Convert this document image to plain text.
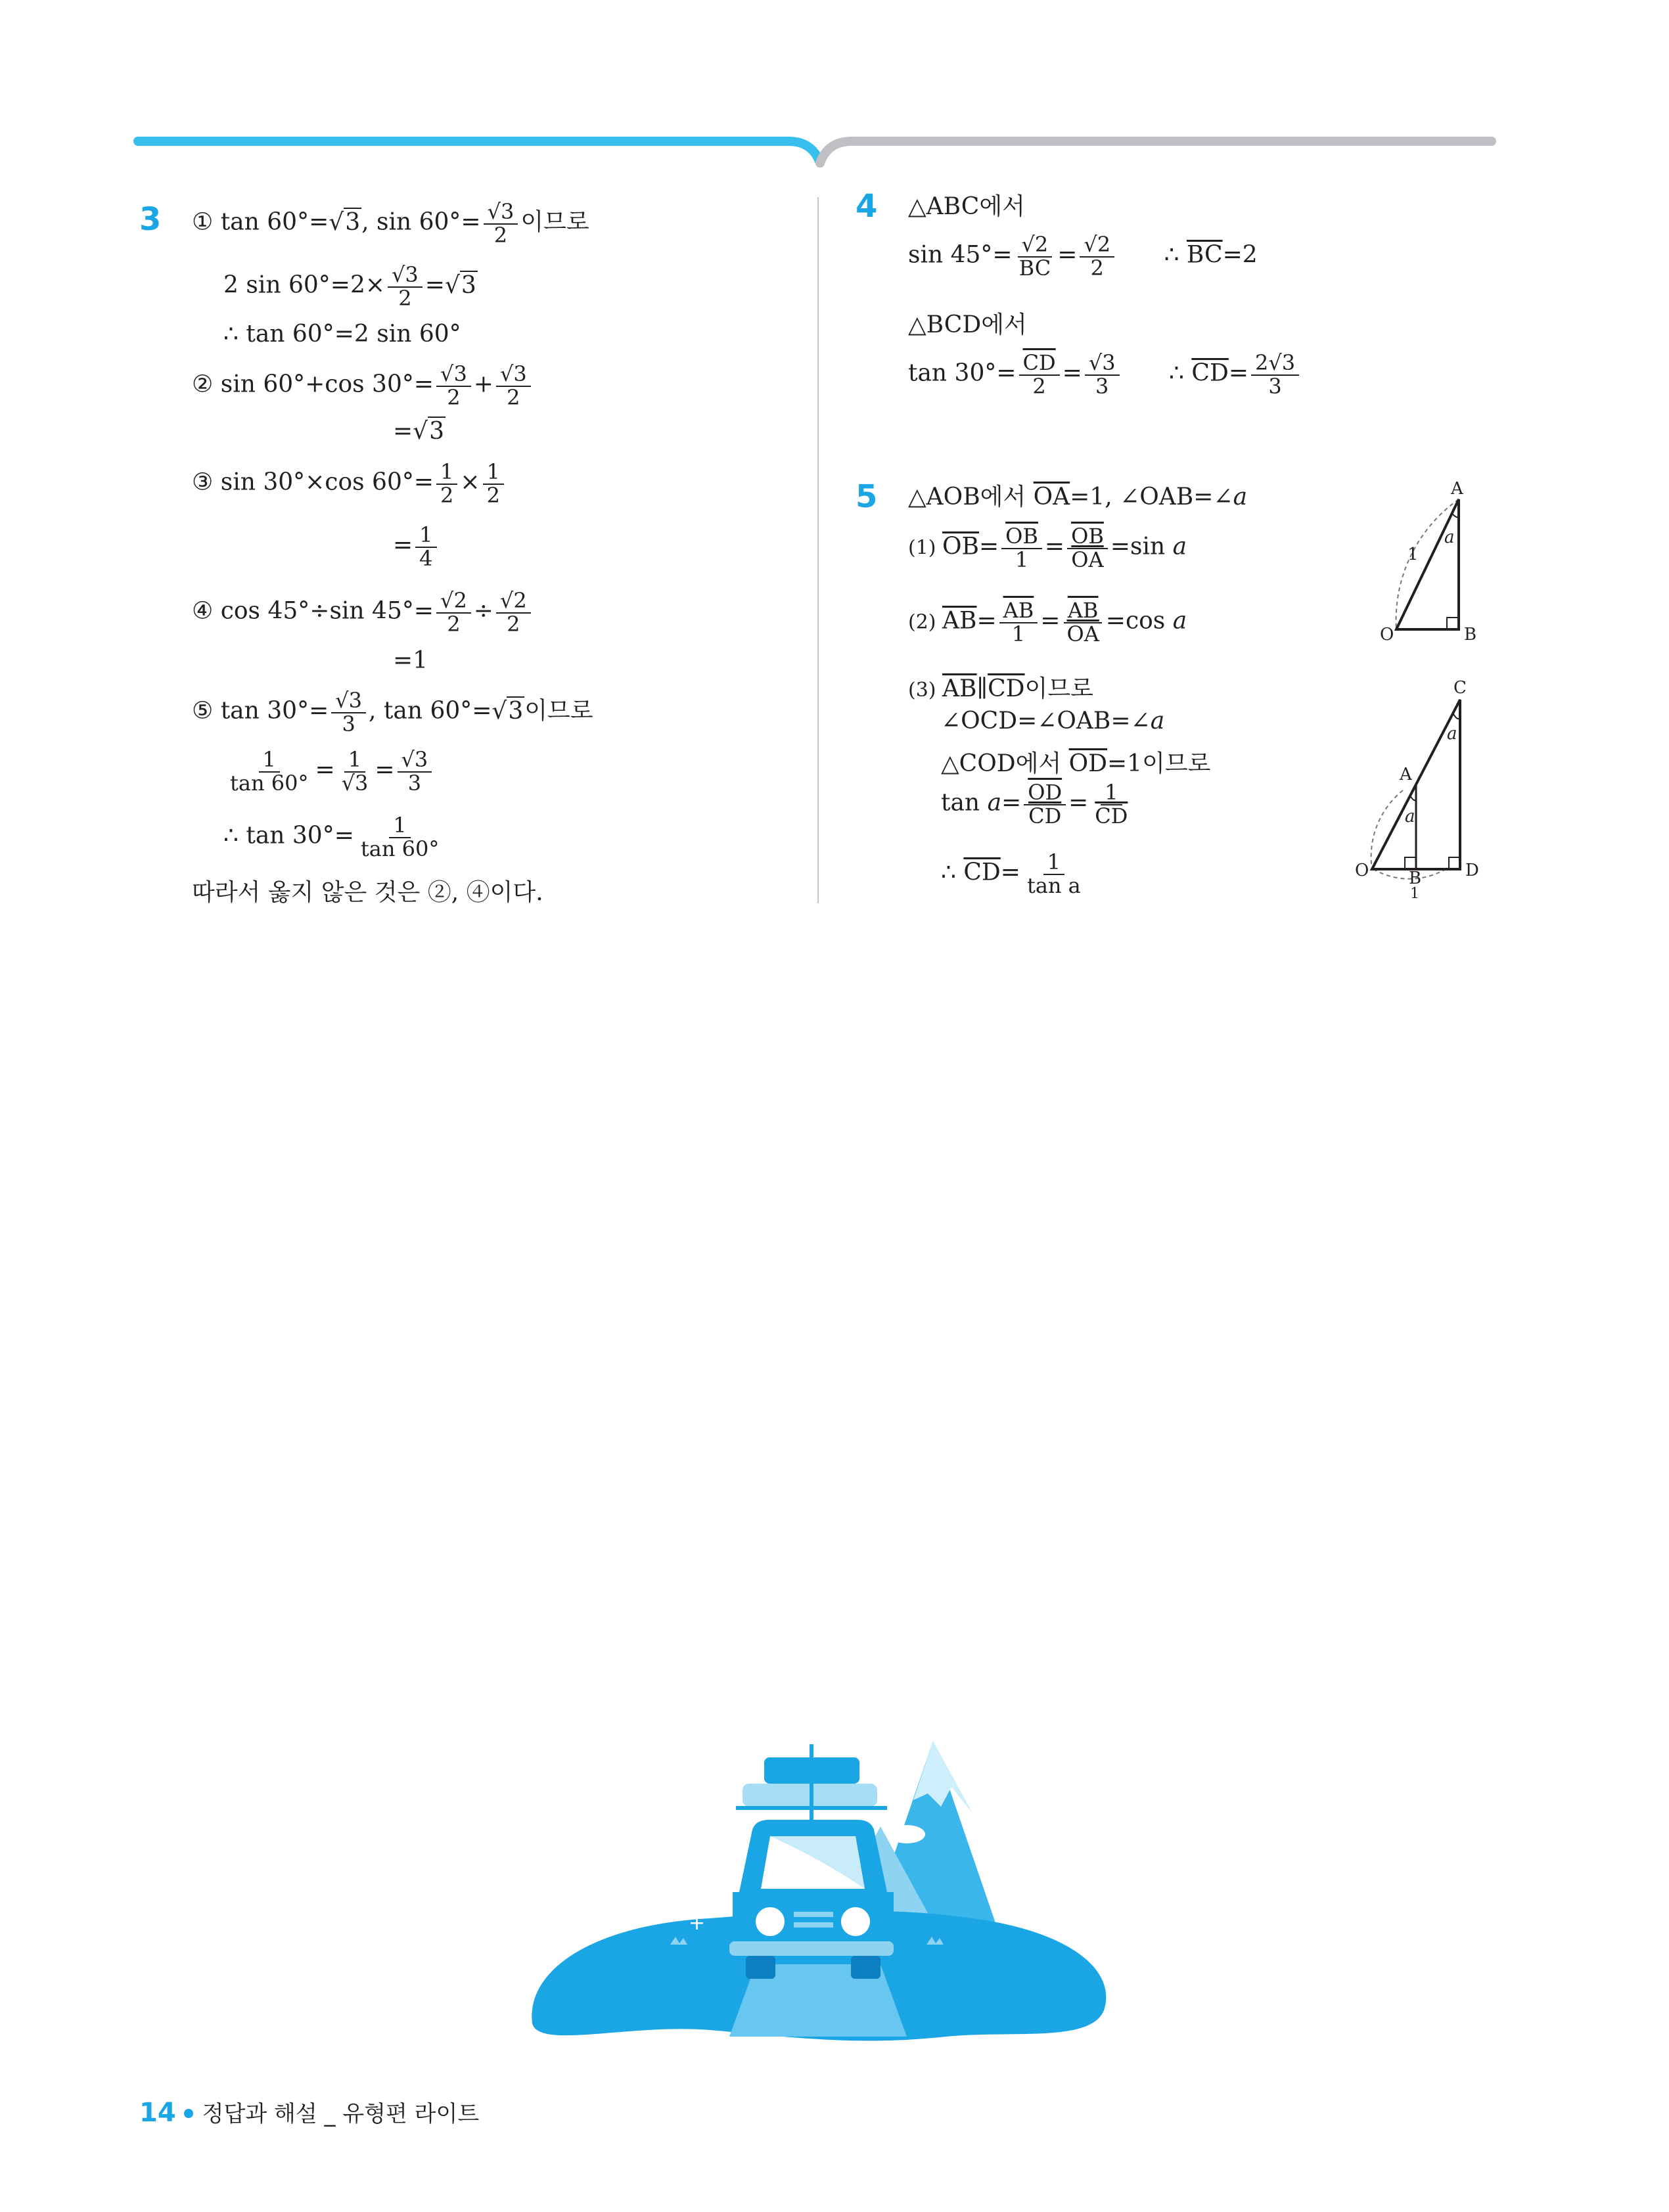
3 ① tan 60°=√3, $\sin 60^\circ= \frac{√3}{2}$ 이므로
2 $\sin 60^\circ=2\times \frac{√3}{2} =√3$
∴ tan 60°=2 sin 60°
② sin 60°+cos $30^\circ= \frac{√3}{2} + \frac{√3}{2}$
=√3
③ sin 30°×cos $60^\circ= \frac{1}{2} \times \frac{1}{2}$
= $\frac{1}{4}$
④ cos 45°÷sin $45^\circ= \frac{√2}{2} \div \frac{√2}{2}$
=1
⑤ $\tan 30^\circ= \frac{√3}{3}$ , tan 60°=√3이므로
$\frac{1}{\tan 60^\circ} = \frac{1}{√3} = \frac{√3}{3}$
∴ $\tan 30^\circ= \frac{1}{\tan 60^\circ}$
따라서 옳지 않은 것은 ②, ④이다.
4 △ABC에서
$\sin 45^\circ= \frac{√2}{BC} = \frac{√2}{2}$ ∴ $\overline{BC}=2$
△BCD에서
$\tan 30^\circ= \frac{\overline{CD}}{2} = \frac{√3}{3}$ ∴ $\overline{CD}= \frac{2√3}{3}$
5 △AOB에서 $\overline{OA}=1$, ∠OAB=∠a
(1) $\overline{OB}= \frac{\overline{OB}}{1} = \frac{\overline{OB}}{OA} =\sin$ a
(2) $\overline{AB}= \frac{\overline{AB}}{1} = \frac{\overline{AB}}{OA} =\cos$ a
(3) $\overline{AB}\parallel\overline{CD}$이므로
∠OCD=∠OAB=∠a
△COD에서 $\overline{OD}=1$이므로
$\tan a= \frac{\overline{OD}}{CD} = \frac{1}{CD}$
∴ $\overline{CD}= \frac{1}{\text{tan a}}$
A
O	B
1
a
C
A
O B	D
1
a
a
+
+
+
14 정답과 해설 _ 유형편 라이트
